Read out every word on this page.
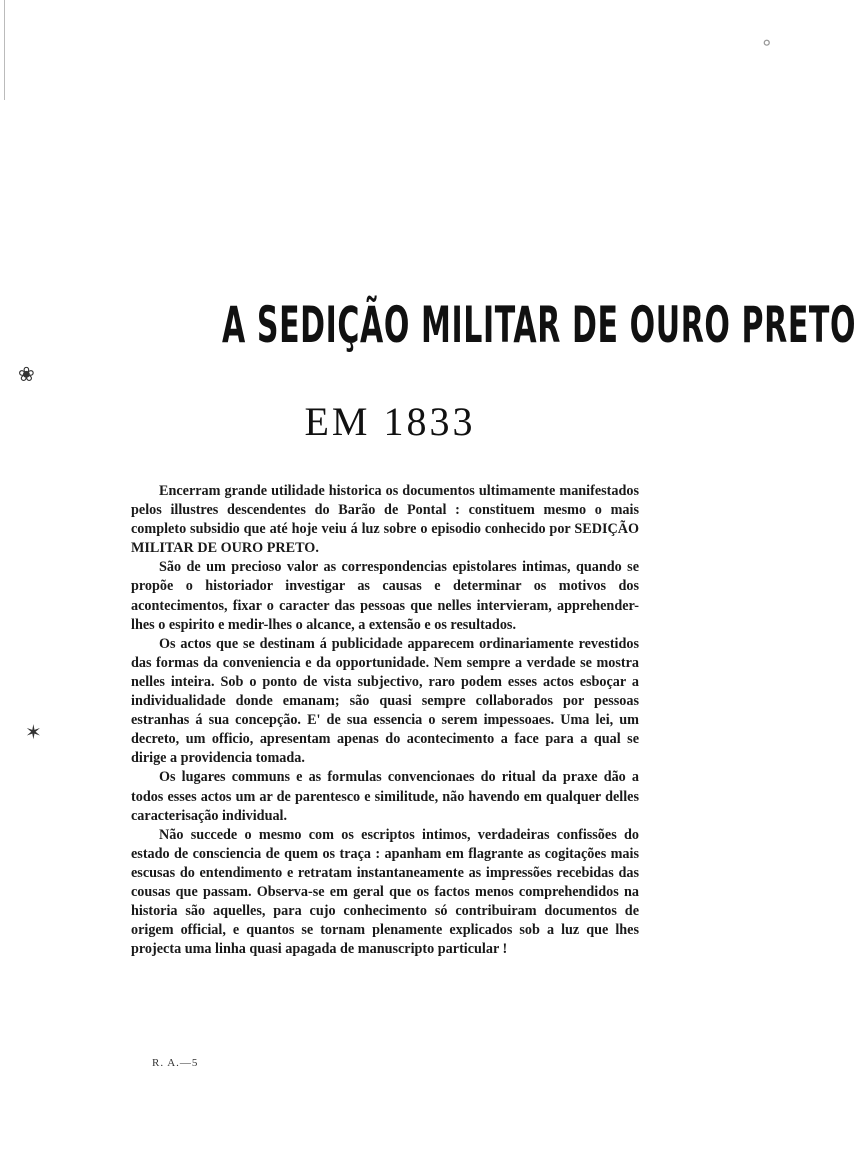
∘
❀
✶
A SEDIÇÃO MILITAR DE OURO PRETO
EM 1833

Encerram grande utilidade historica os documentos ultimamente manifestados pelos illustres descendentes do Barão de Pontal : constituem mesmo o mais completo subsidio que até hoje veiu á luz sobre o episodio conhecido por SEDIÇÃO MILITAR DE OURO PRETO.

São de um precioso valor as correspondencias epistolares intimas, quando se propõe o historiador investigar as causas e determinar os motivos dos acontecimentos, fixar o caracter das pessoas que nelles intervieram, apprehender-lhes o espirito e medir-lhes o alcance, a extensão e os resultados.

Os actos que se destinam á publicidade apparecem ordinariamente revestidos das formas da conveniencia e da opportunidade. Nem sempre a verdade se mostra nelles inteira. Sob o ponto de vista subjectivo, raro podem esses actos esboçar a individualidade donde emanam; são quasi sempre collaborados por pessoas estranhas á sua concepção. E' de sua essencia o serem impessoaes. Uma lei, um decreto, um officio, apresentam apenas do acontecimento a face para a qual se dirige a providencia tomada.

Os lugares communs e as formulas convencionaes do ritual da praxe dão a todos esses actos um ar de parentesco e similitude, não havendo em qualquer delles caracterisação individual.

Não succede o mesmo com os escriptos intimos, verdadeiras confissões do estado de consciencia de quem os traça : apanham em flagrante as cogitações mais escusas do entendimento e retratam instantaneamente as impressões recebidas das cousas que passam. Observa-se em geral que os factos menos comprehendidos na historia são aquelles, para cujo conhecimento só contribuiram documentos de origem official, e quantos se tornam plenamente explicados sob a luz que lhes projecta uma linha quasi apagada de manuscripto particular !

R. A.—5
